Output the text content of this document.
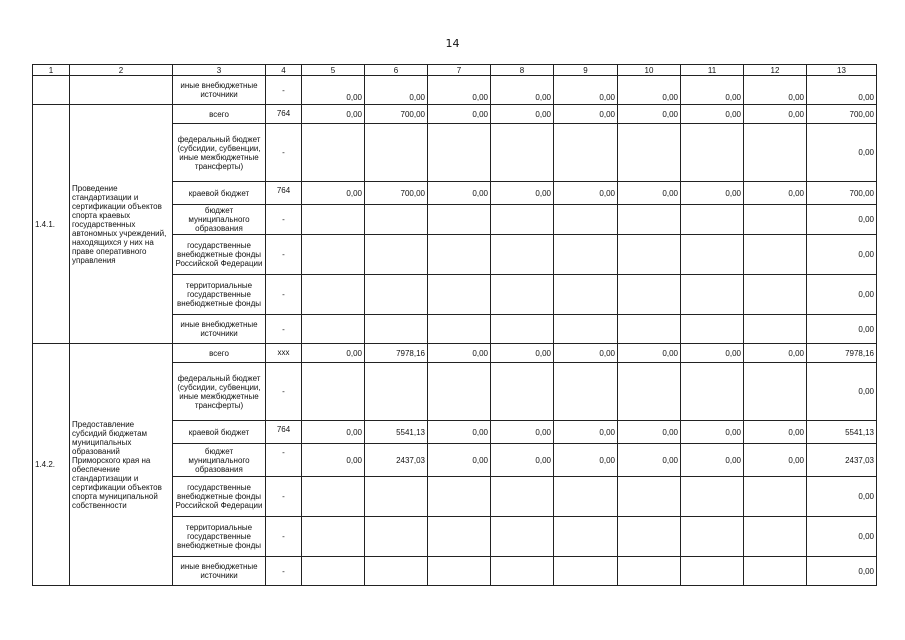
14
1	2	3	4	5	6	7	8	9	10	11	12	13
		иные внебюджетные источники	-	0,00	0,00	0,00	0,00	0,00	0,00	0,00	0,00	0,00
1.4.1.	Проведение стандартизации и сертификации объектов спорта краевых государственных автономных учреждений, находящихся у них на праве оперативного управления	всего	764	0,00	700,00	0,00	0,00	0,00	0,00	0,00	0,00	700,00
		федеральный бюджет (субсидии, субвенции, иные межбюджетные трансферты)	-									0,00
		краевой бюджет	764	0,00	700,00	0,00	0,00	0,00	0,00	0,00	0,00	700,00
		бюджет муниципального образования	-									0,00
		государственные внебюджетные фонды Российской Федерации	-									0,00
		территориальные государственные внебюджетные фонды	-									0,00
		иные внебюджетные источники	-									0,00
1.4.2.	Предоставление субсидий бюджетам муниципальных образований Приморского края на обеспечение стандартизации и сертификации объектов спорта муниципальной собственности	всего	ххх	0,00	7978,16	0,00	0,00	0,00	0,00	0,00	0,00	7978,16
		федеральный бюджет (субсидии, субвенции, иные межбюджетные трансферты)	-									0,00
		краевой бюджет	764	0,00	5541,13	0,00	0,00	0,00	0,00	0,00	0,00	5541,13
		бюджет муниципального образования	-	0,00	2437,03	0,00	0,00	0,00	0,00	0,00	0,00	2437,03
		государственные внебюджетные фонды Российской Федерации	-									0,00
		территориальные государственные внебюджетные фонды	-									0,00
		иные внебюджетные источники	-									0,00
